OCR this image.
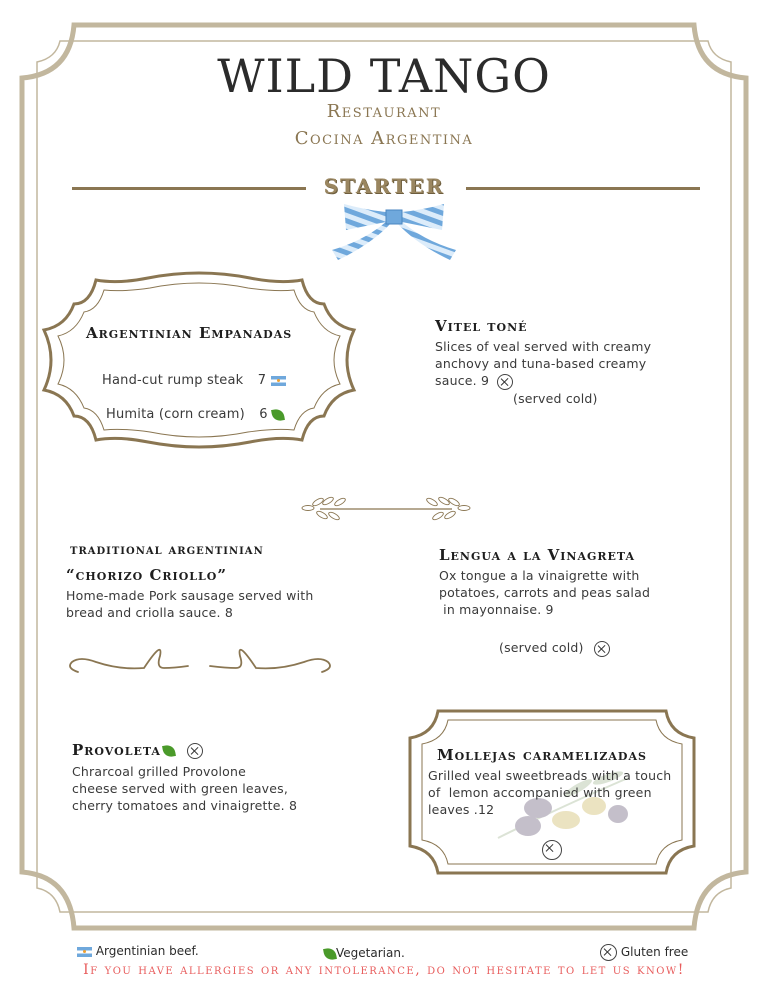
WILD TANGO
Restaurant
Cocina Argentina
STARTER
Argentinian Empanadas
Hand-cut rump steak 7
Humita (corn cream) 6
Vitel toné
Slices of veal served with creamy
anchovy and tuna-based creamy
sauce. 9
(served cold)
traditional argentinian
“chorizo Criollo”
Home-made Pork sausage served with
bread and criolla sauce. 8
Lengua a la Vinagreta
Ox tongue a la vinaigrette with
potatoes, carrots and peas salad
in mayonnaise. 9
(served cold)
Provoleta
Chrarcoal grilled Provolone
cheese served with green leaves,
cherry tomatoes and vinaigrette. 8
Mollejas caramelizadas
Grilled veal sweetbreads with a touch
of  lemon accompanied with green
leaves .12
Argentinian beef.	Vegetarian.	Gluten free
If you have allergies or any intolerance, do not hesitate to let us know!
